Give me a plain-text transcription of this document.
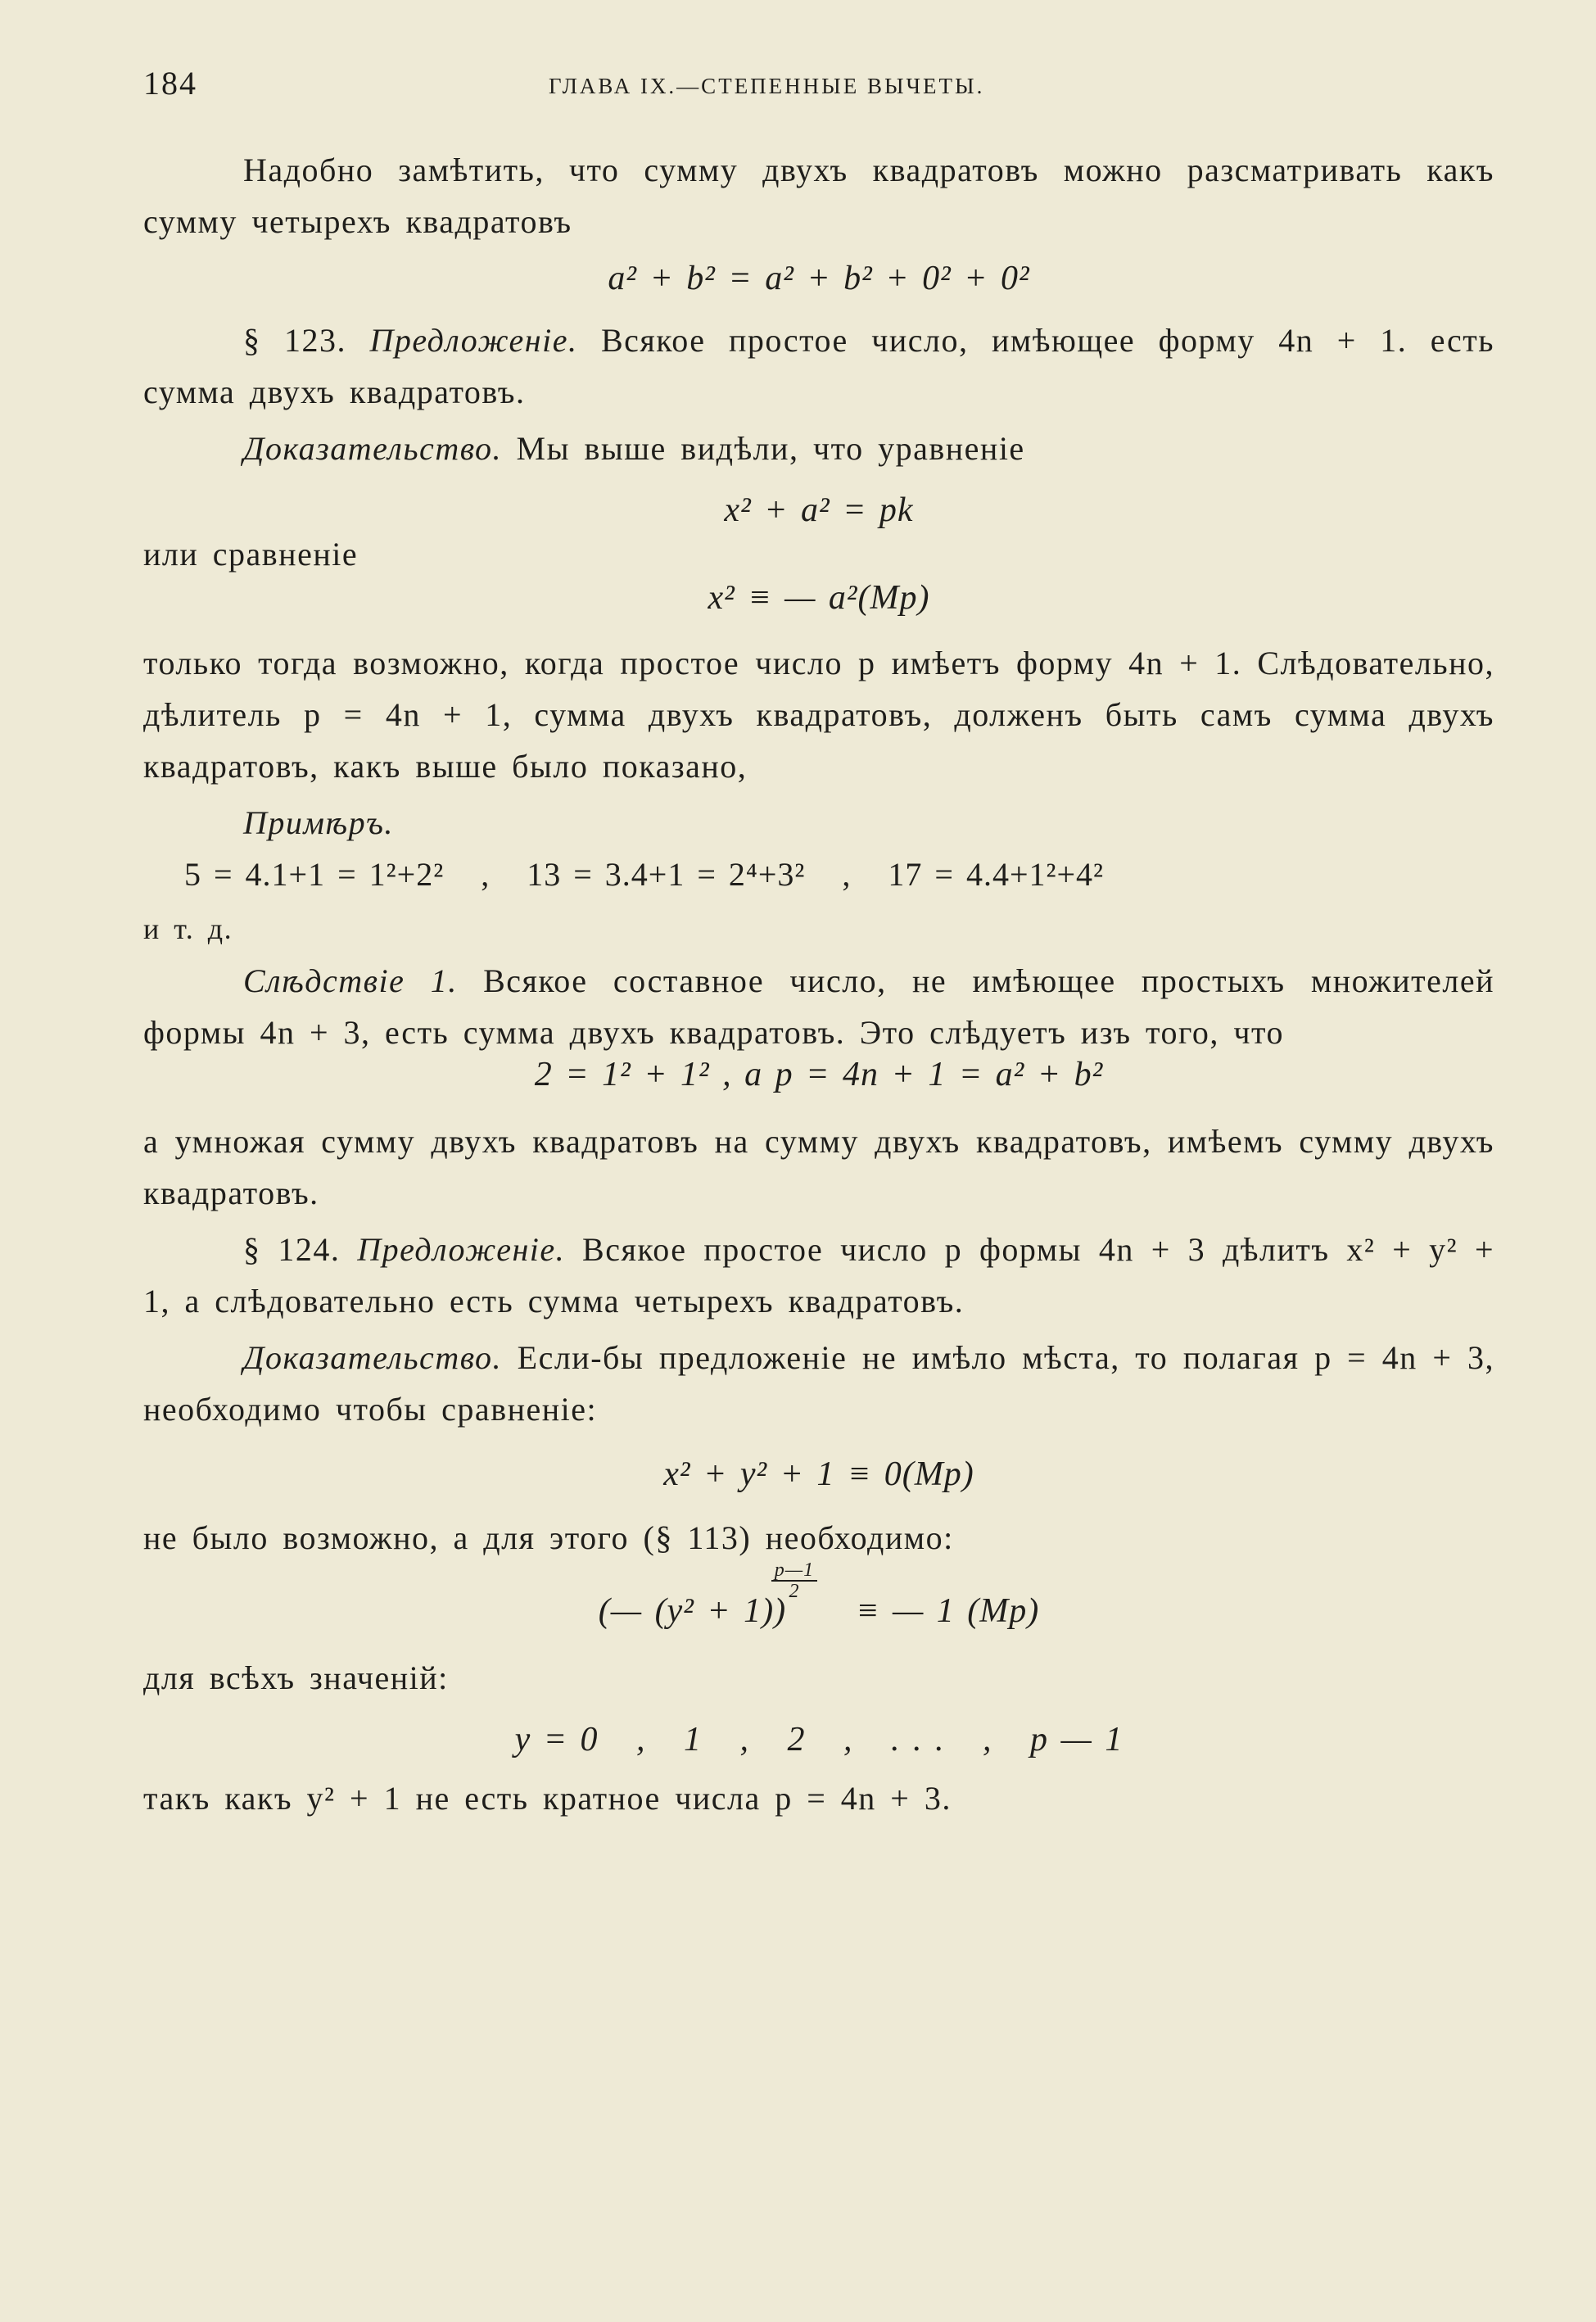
184	ГЛАВА IX.—СТЕПЕННЫЕ ВЫЧЕТЫ.

Надобно замѣтить, что сумму двухъ квадратовъ можно разсматривать какъ сумму четырехъ квадратовъ

a² + b² = a² + b² + 0² + 0²

§ 123. Предложеніе. Всякое простое число, имѣющее форму 4n + 1. есть сумма двухъ квадратовъ.

Доказательство. Мы выше видѣли, что уравненіе

x² + a² = pk

или сравненіе

x² ≡ — a²(Mp)

только тогда возможно, когда простое число p имѣетъ форму 4n + 1. Слѣдовательно, дѣлитель p = 4n + 1, сумма двухъ квадратовъ, долженъ быть самъ сумма двухъ квадратовъ, какъ выше было показано,

Примѣръ.

5 = 4.1+1 = 1²+2²   ,   13 = 3.4+1 = 2⁴+3²   ,   17 = 4.4+1²+4²

и т. д.

Слѣдствіе 1. Всякое составное число, не имѣющее простыхъ множителей формы 4n + 3, есть сумма двухъ квадратовъ. Это слѣдуетъ изъ того, что

2 = 1² + 1² , a p = 4n + 1 = a² + b²

а умножая сумму двухъ квадратовъ на сумму двухъ квадратовъ, имѣемъ сумму двухъ квадратовъ.

§ 124. Предложеніе. Всякое простое число p формы 4n + 3 дѣлитъ x² + y² + 1, а слѣдовательно есть сумма четырехъ квадратовъ.

Доказательство. Если-бы предложеніе не имѣло мѣста, то полагая p = 4n + 3, необходимо чтобы сравненіе:

x² + y² + 1 ≡ 0(Mp)

не было возможно, а для этого (§ 113) необходимо:

(— (y² + 1))
$\frac{p—1}{2}$
≡ — 1 (Mp)

для всѣхъ значеній:

y = 0   ,   1   ,   2   ,   . . .   ,   p — 1

такъ какъ y² + 1 не есть кратное числа p = 4n + 3.
